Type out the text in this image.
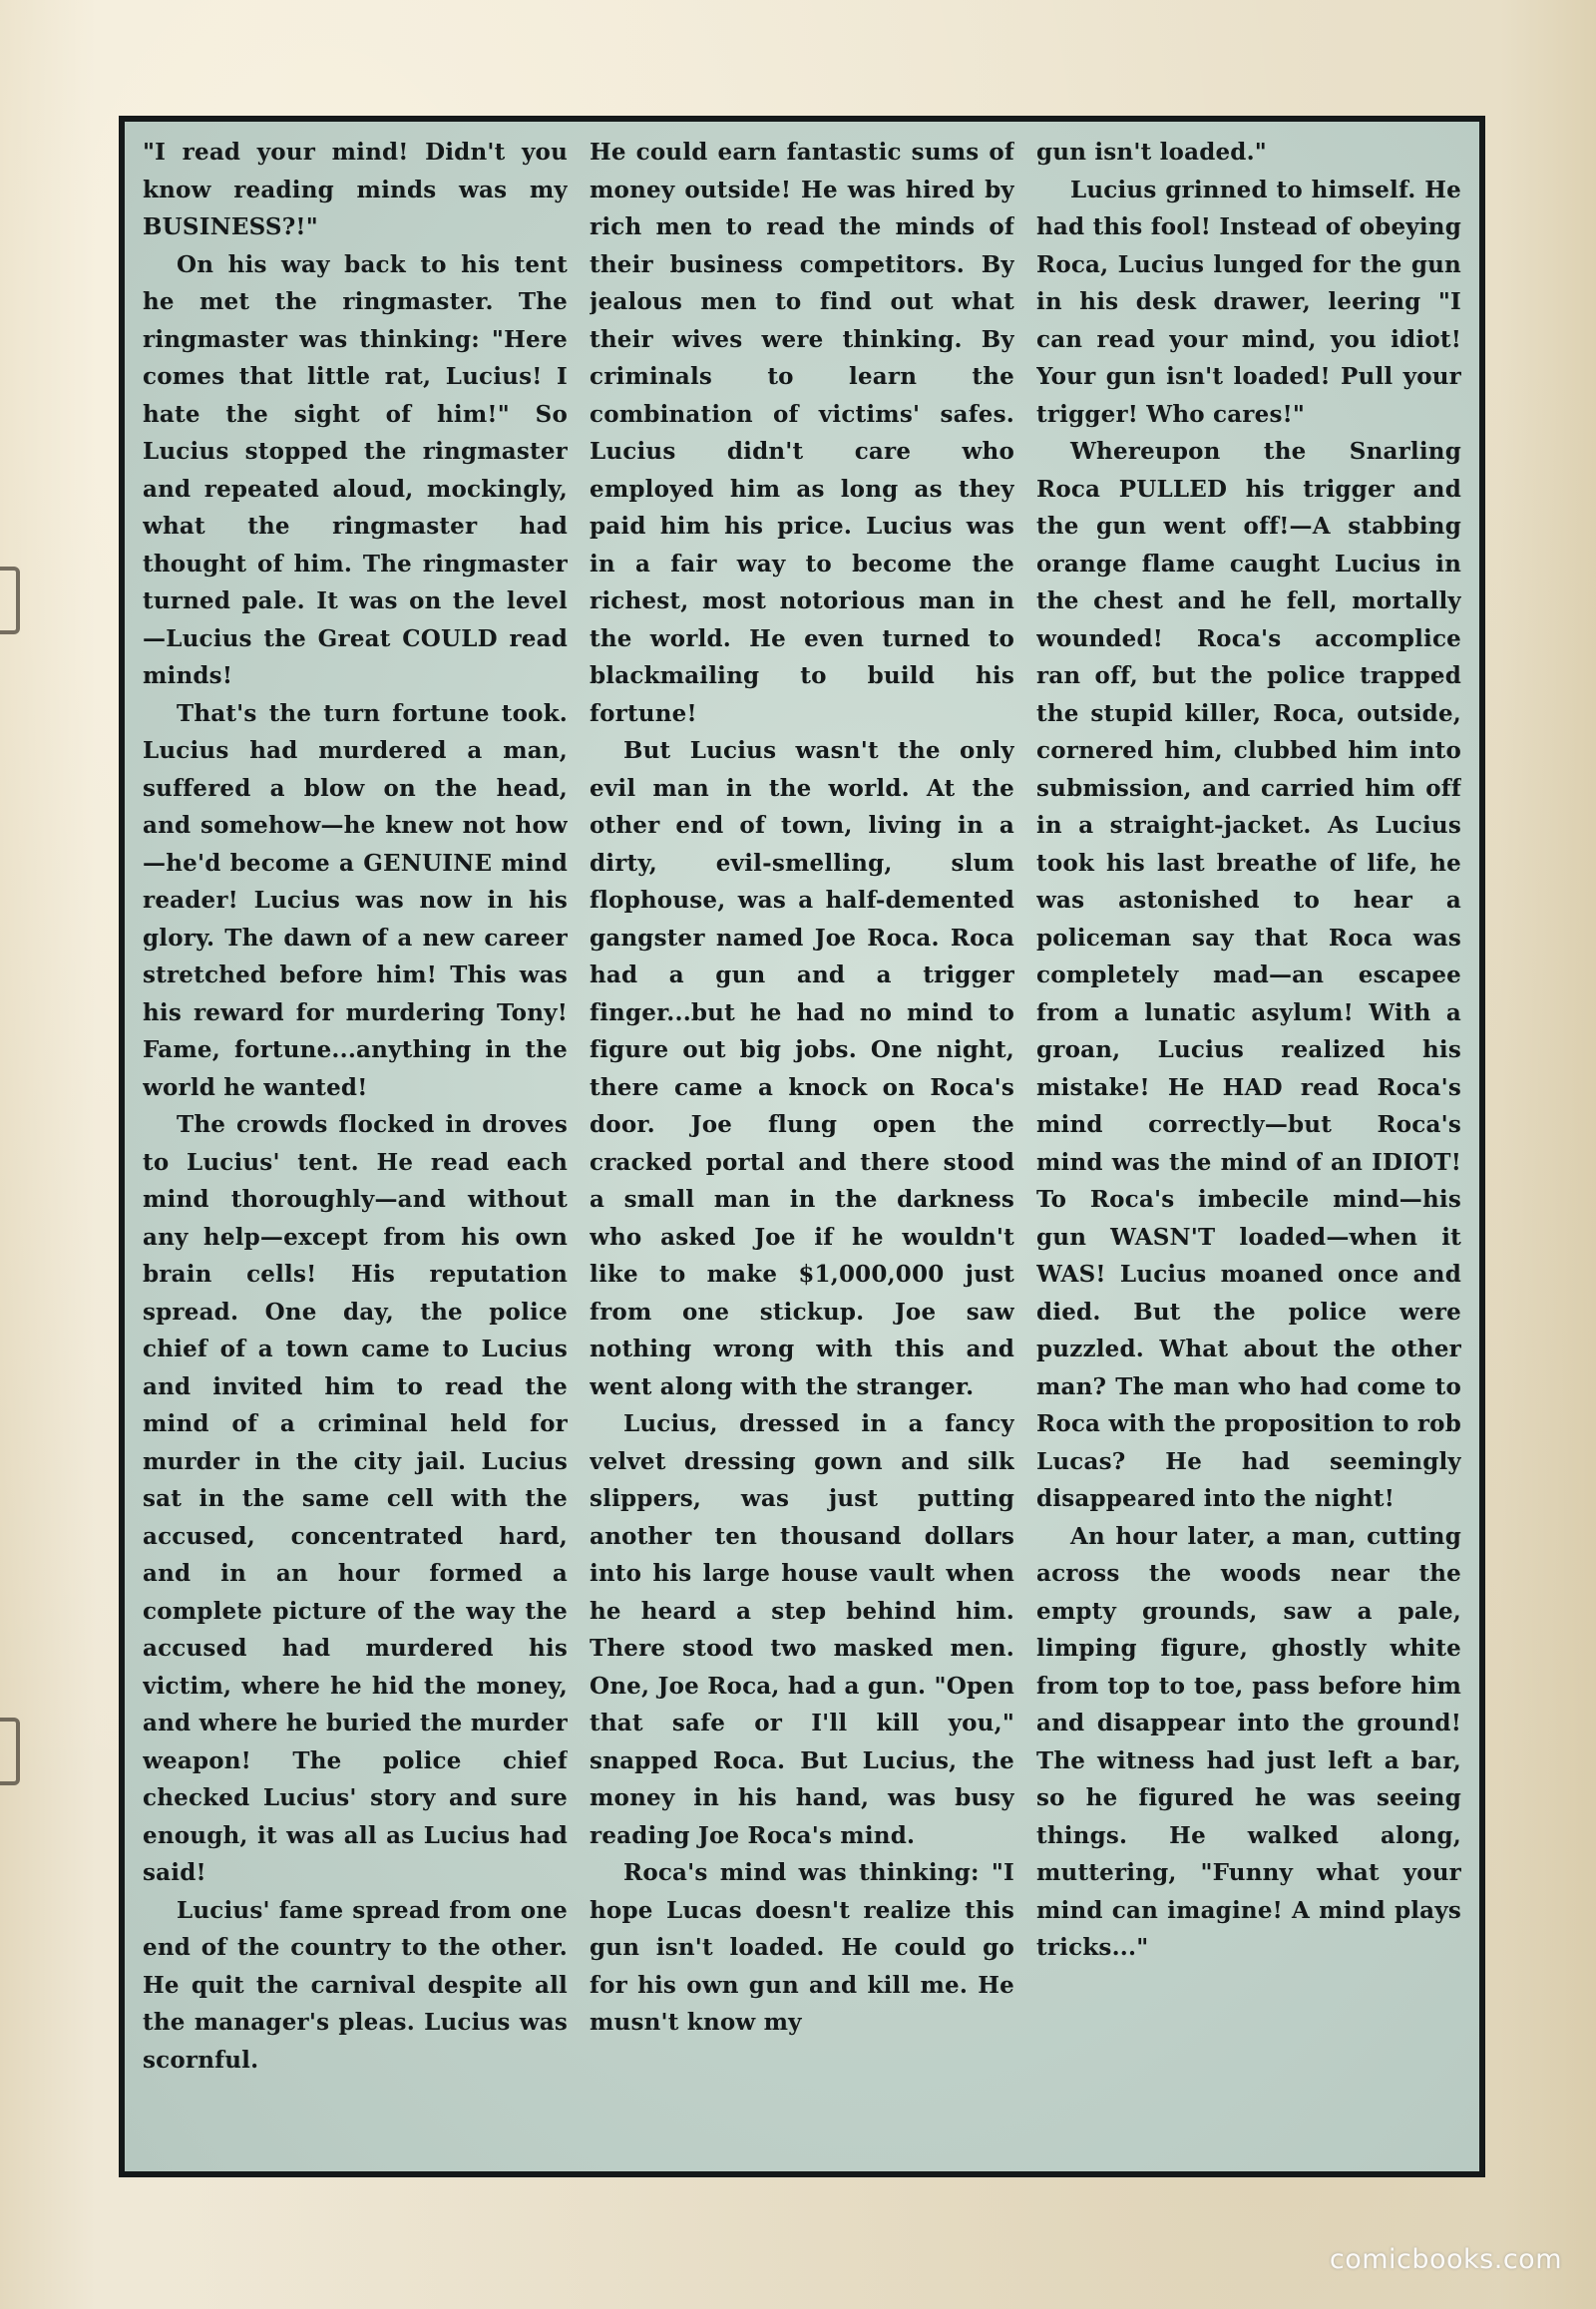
"I read your mind! Didn't you know reading minds was my BUSINESS?!"

On his way back to his tent he met the ringmaster. The ringmaster was thinking: "Here comes that little rat, Lucius! I hate the sight of him!" So Lucius stopped the ringmaster and repeated aloud, mockingly, what the ringmaster had thought of him. The ringmaster turned pale. It was on the level—Lucius the Great COULD read minds!

That's the turn fortune took. Lucius had murdered a man, suffered a blow on the head, and somehow—he knew not how—he'd become a GENUINE mind reader! Lucius was now in his glory. The dawn of a new career stretched before him! This was his reward for murdering Tony! Fame, fortune...anything in the world he wanted!

The crowds flocked in droves to Lucius' tent. He read each mind thoroughly—and without any help—except from his own brain cells! His reputation spread. One day, the police chief of a town came to Lucius and invited him to read the mind of a criminal held for murder in the city jail. Lucius sat in the same cell with the accused, concentrated hard, and in an hour formed a complete picture of the way the accused had murdered his victim, where he hid the money, and where he buried the murder weapon! The police chief checked Lucius' story and sure enough, it was all as Lucius had said!

Lucius' fame spread from one end of the country to the other. He quit the carnival despite all the manager's pleas. Lucius was scornful.

He could earn fantastic sums of money outside! He was hired by rich men to read the minds of their business competitors. By jealous men to find out what their wives were thinking. By criminals to learn the combination of victims' safes. Lucius didn't care who employed him as long as they paid him his price. Lucius was in a fair way to become the richest, most notorious man in the world. He even turned to blackmailing to build his fortune!

But Lucius wasn't the only evil man in the world. At the other end of town, living in a dirty, evil-smelling, slum flophouse, was a half-demented gangster named Joe Roca. Roca had a gun and a trigger finger...but he had no mind to figure out big jobs. One night, there came a knock on Roca's door. Joe flung open the cracked portal and there stood a small man in the darkness who asked Joe if he wouldn't like to make $1,000,000 just from one stickup. Joe saw nothing wrong with this and went along with the stranger.

Lucius, dressed in a fancy velvet dressing gown and silk slippers, was just putting another ten thousand dollars into his large house vault when he heard a step behind him. There stood two masked men. One, Joe Roca, had a gun. "Open that safe or I'll kill you," snapped Roca. But Lucius, the money in his hand, was busy reading Joe Roca's mind.

Roca's mind was thinking: "I hope Lucas doesn't realize this gun isn't loaded. He could go for his own gun and kill me. He musn't know my

gun isn't loaded."

Lucius grinned to himself. He had this fool! Instead of obeying Roca, Lucius lunged for the gun in his desk drawer, leering "I can read your mind, you idiot! Your gun isn't loaded! Pull your trigger! Who cares!"

Whereupon the Snarling Roca PULLED his trigger and the gun went off!—A stabbing orange flame caught Lucius in the chest and he fell, mortally wounded! Roca's accomplice ran off, but the police trapped the stupid killer, Roca, outside, cornered him, clubbed him into submission, and carried him off in a straight-jacket. As Lucius took his last breathe of life, he was astonished to hear a policeman say that Roca was completely mad—an escapee from a lunatic asylum! With a groan, Lucius realized his mistake! He HAD read Roca's mind correctly—but Roca's mind was the mind of an IDIOT! To Roca's imbecile mind—his gun WASN'T loaded—when it WAS! Lucius moaned once and died. But the police were puzzled. What about the other man? The man who had come to Roca with the proposition to rob Lucas? He had seemingly disappeared into the night!

An hour later, a man, cutting across the woods near the empty grounds, saw a pale, limping figure, ghostly white from top to toe, pass before him and disappear into the ground! The witness had just left a bar, so he figured he was seeing things. He walked along, muttering, "Funny what your mind can imagine! A mind plays tricks..."

comicbooks.com
